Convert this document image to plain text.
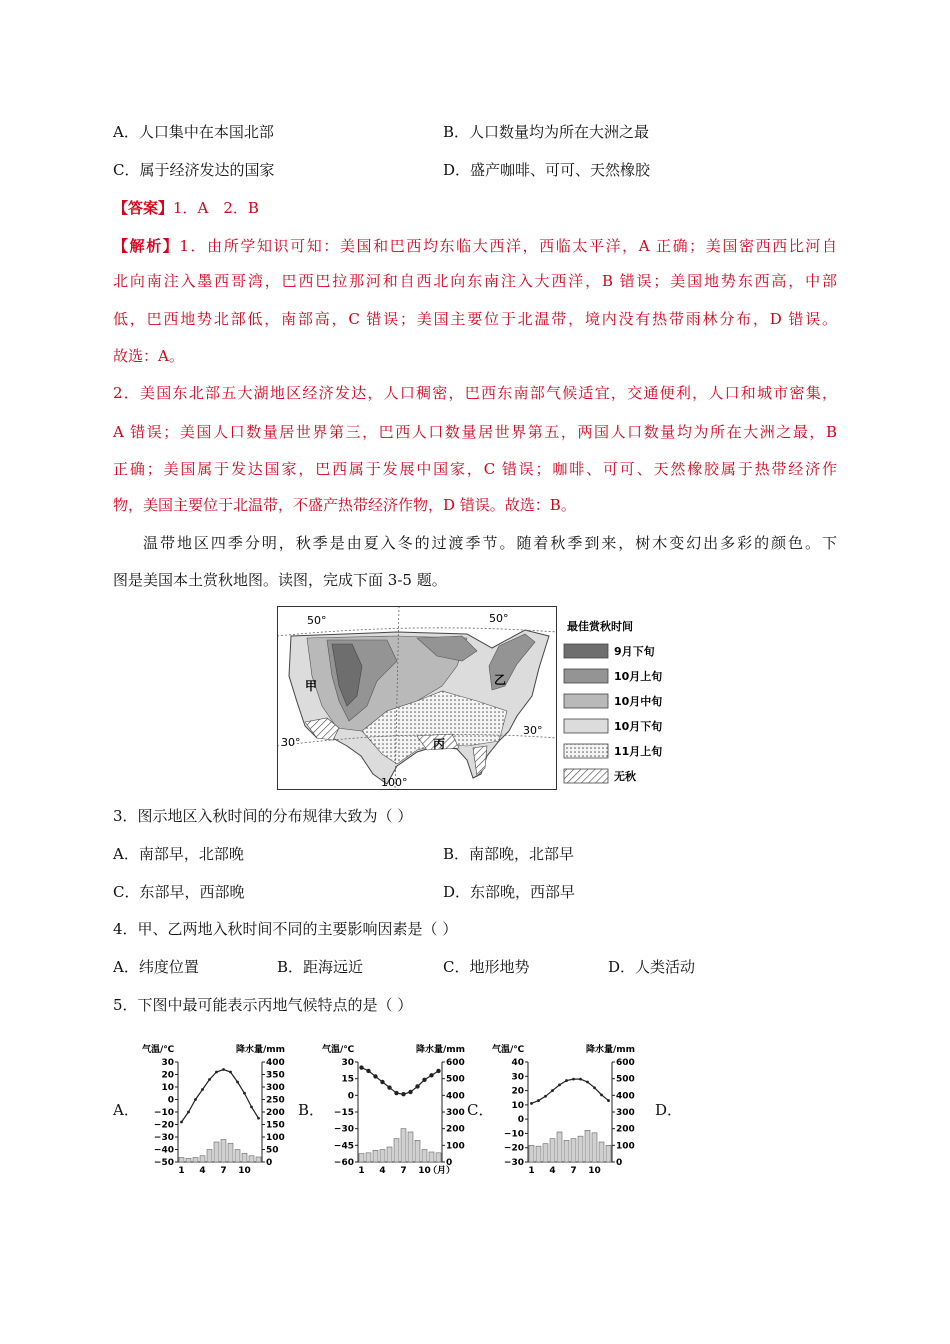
A．人口集中在本国北部	B．人口数量均为所在大洲之最
C．属于经济发达的国家	D．盛产咖啡、可可、天然橡胶
【答案】1．A　2．B
【解析】1．由所学知识可知：美国和巴西均东临大西洋，西临太平洋，A 正确；美国密西西比河自
北向南注入墨西哥湾，巴西巴拉那河和自西北向东南注入大西洋，B 错误；美国地势东西高，中部
低，巴西地势北部低，南部高，C 错误；美国主要位于北温带，境内没有热带雨林分布，D 错误。
故选：A。
2．美国东北部五大湖地区经济发达，人口稠密，巴西东南部气候适宜，交通便利，人口和城市密集，
A 错误；美国人口数量居世界第三，巴西人口数量居世界第五，两国人口数量均为所在大洲之最，B
正确；美国属于发达国家，巴西属于发展中国家，C 错误；咖啡、可可、天然橡胶属于热带经济作
物，美国主要位于北温带，不盛产热带经济作物，D 错误。故选：B。
温带地区四季分明，秋季是由夏入冬的过渡季节。随着秋季到来，树木变幻出多彩的颜色。下
图是美国本土赏秋地图。读图，完成下面 3-5 题。
50°	50°
30°
30°
100°
甲	乙
丙
最佳赏秋时间
9月下旬
10月上旬
10月中旬
10月下旬
11月上旬
无秋
3．图示地区入秋时间的分布规律大致为（ ）
A．南部早，北部晚	B．南部晚，北部早
C．东部早，西部晚	D．东部晚，西部早
4．甲、乙两地入秋时间不同的主要影响因素是（ ）
A．纬度位置	B．距海远近	C．地形地势	D．人类活动
5．下图中最可能表示丙地气候特点的是（ ）
A．	B．	C．	D．
气温/℃	降水量/mm
30
20
10
0
−10
−20
−30
−40
−50
400
350
300
250
200
150
100
50
0
1 4 7 10
气温/℃	降水量/mm
30
15
0
−15
−30
−45
−60
600
500
400
300
200
100
0
1 4 7 10
（月）
气温/℃	降水量/mm
40
30
20
10
0
−10
−20
−30
600
500
400
300
200
100
0
1 4 7 10
